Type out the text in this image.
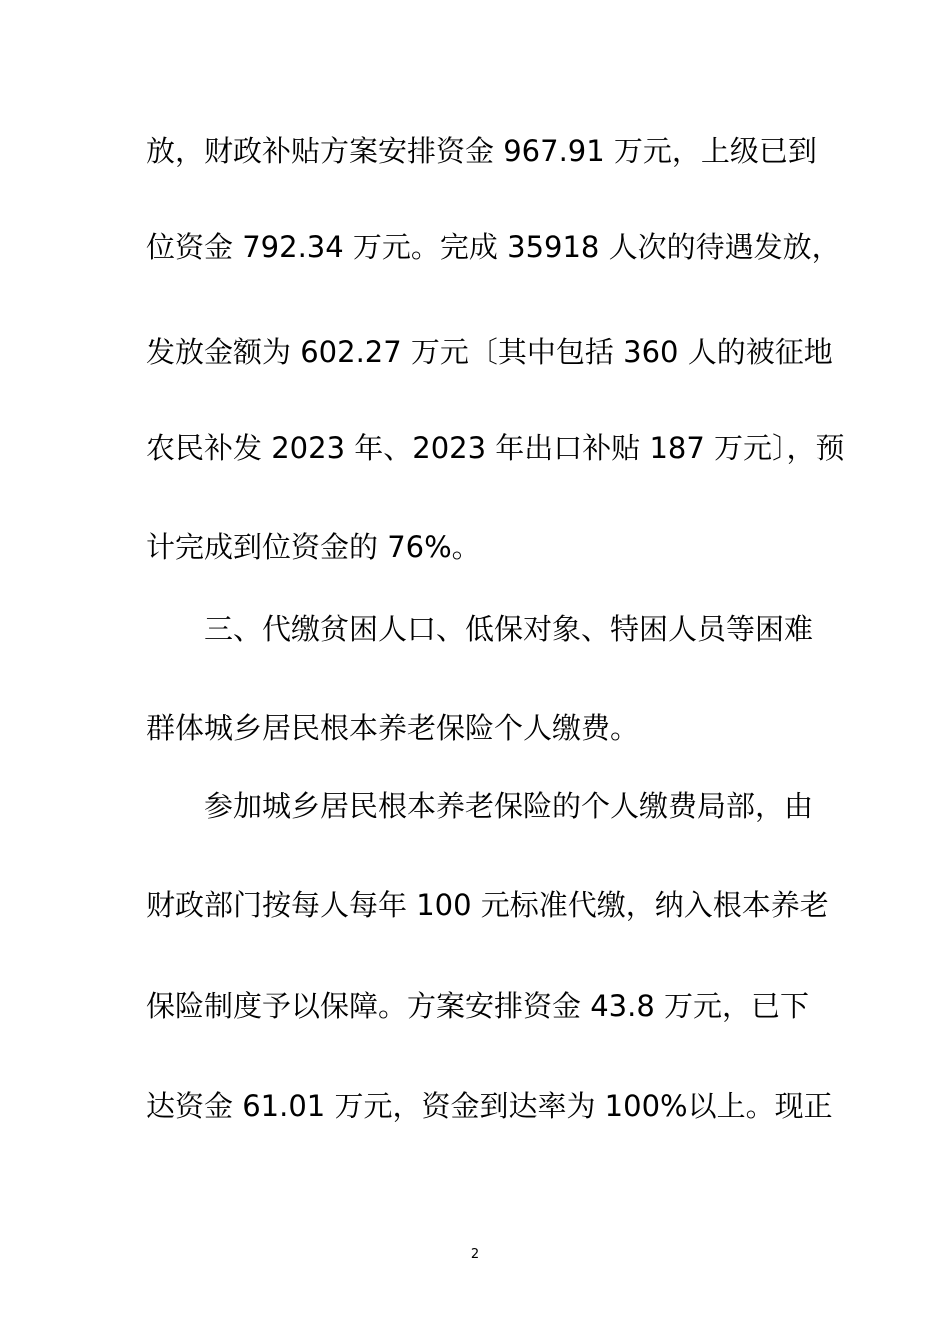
放，财政补贴方案安排资金 967.91 万元，上级已到
位资金 792.34 万元。完成 35918 人次的待遇发放，
发放金额为 602.27 万元〔其中包括 360 人的被征地
农民补发 2023 年、2023 年出口补贴 187 万元〕，预
计完成到位资金的 76%。
三、代缴贫困人口、低保对象、特困人员等困难
群体城乡居民根本养老保险个人缴费。
参加城乡居民根本养老保险的个人缴费局部，由
财政部门按每人每年 100 元标准代缴，纳入根本养老
保险制度予以保障。方案安排资金 43.8 万元，已下
达资金 61.01 万元，资金到达率为 100%以上。现正
2
